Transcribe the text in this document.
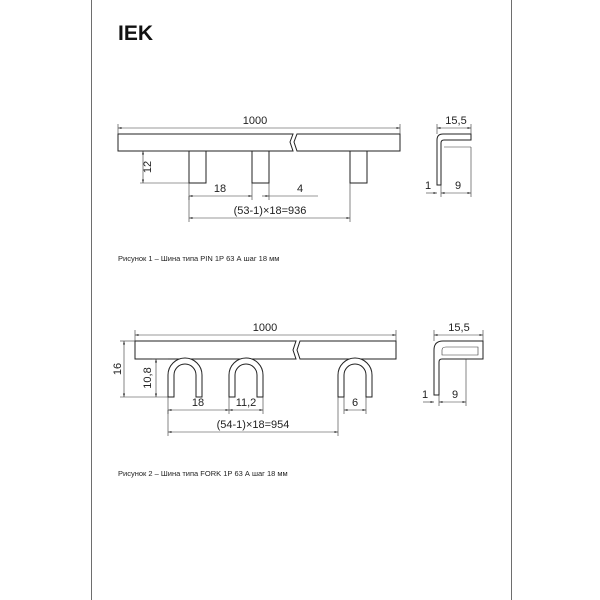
IEK
1000
12
18	4
(53-1)×18=936
15,5
1 9
Рисунок 1 – Шина типа PIN 1Р 63 А шаг 18 мм
1000
16 10,8
18	11,2	6
(54-1)×18=954
15,5
1 9
Рисунок 2 – Шина типа FORK 1Р 63 А шаг 18 мм
